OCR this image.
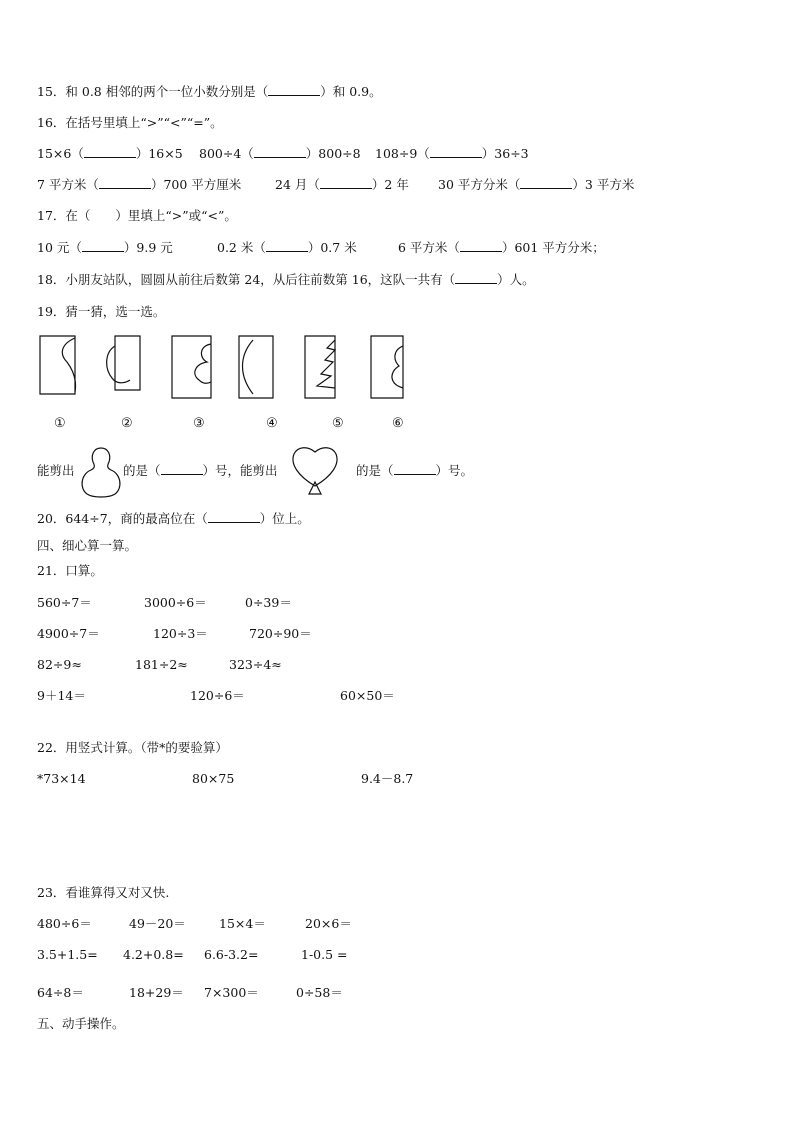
15．和 0.8 相邻的两个一位小数分别是（	）和 0.9。
16．在括号里填上“>”“<”“=”。
15×6（	）16×5 800÷4（	）800÷8 108÷9（	）36÷3
7 平方米（	）700 平方厘米	24 月（	）2 年 30 平方分米（	）3 平方米
17．在（　　）里填上“>”或“<”。
10 元（	）9.9 元	0.2 米（	）0.7 米	6 平方米（	）601 平方分米；
18．小朋友站队，圆圆从前往后数第 24，从后往前数第 16，这队一共有（	）人。
19．猜一猜，选一选。
①	②	③	④	⑤	⑥
能剪出	的是（	）号，能剪出	的是（	）号。
20．644÷7，商的最高位在（	）位上。
四、细心算一算。
21．口算。
560÷7＝	3000÷6＝	0÷39＝
4900÷7＝	120÷3＝	720÷90＝
82÷9≈	181÷2≈	323÷4≈
9＋14＝	120÷6＝	60×50＝
22．用竖式计算。（带*的要验算）
*73×14	80×75	9.4－8.7
23．看谁算得又对又快.
480÷6＝	49－20＝	15×4＝	20×6＝
3.5+1.5= 4.2+0.8= 6.6-3.2=	1-0.5 =
64÷8＝	18+29＝ 7×300＝	0÷58＝
五、动手操作。
